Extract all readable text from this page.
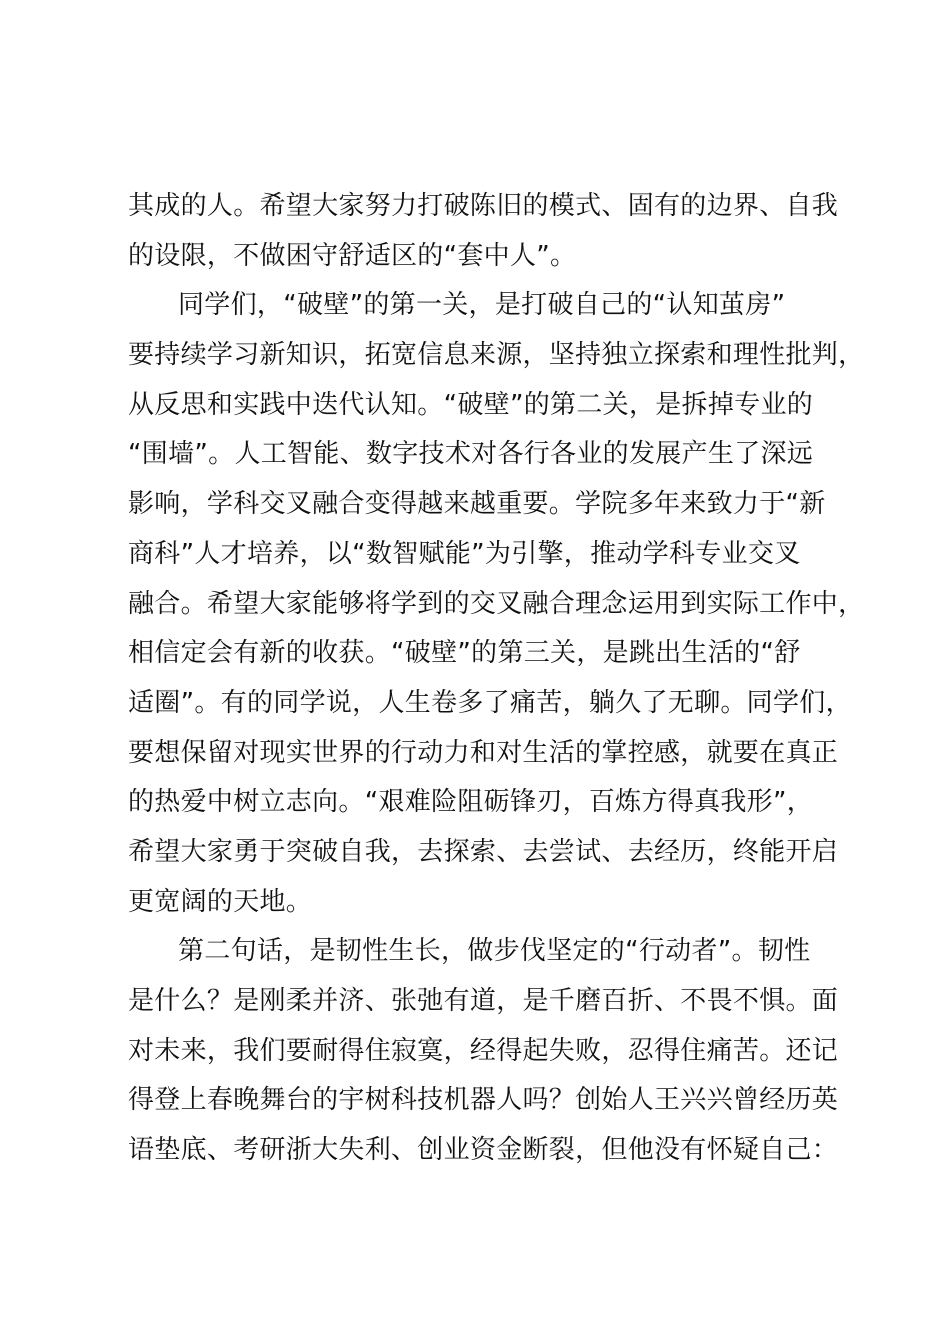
其成的人。希望大家努力打破陈旧的模式、固有的边界、自我
的设限，不做困守舒适区的“套中人”。
同学们，“破壁”的第一关，是打破自己的“认知茧房”
要持续学习新知识，拓宽信息来源，坚持独立探索和理性批判，
从反思和实践中迭代认知。“破壁”的第二关，是拆掉专业的
“围墙”。人工智能、数字技术对各行各业的发展产生了深远
影响，学科交叉融合变得越来越重要。学院多年来致力于“新
商科”人才培养，以“数智赋能”为引擎，推动学科专业交叉
融合。希望大家能够将学到的交叉融合理念运用到实际工作中，
相信定会有新的收获。“破壁”的第三关，是跳出生活的“舒
适圈”。有的同学说，人生卷多了痛苦，躺久了无聊。同学们，
要想保留对现实世界的行动力和对生活的掌控感，就要在真正
的热爱中树立志向。“艰难险阻砺锋刃，百炼方得真我形”，
希望大家勇于突破自我，去探索、去尝试、去经历，终能开启
更宽阔的天地。
第二句话，是韧性生长，做步伐坚定的“行动者”。韧性
是什么？是刚柔并济、张弛有道，是千磨百折、不畏不惧。面
对未来，我们要耐得住寂寞，经得起失败，忍得住痛苦。还记
得登上春晚舞台的宇树科技机器人吗？创始人王兴兴曾经历英
语垫底、考研浙大失利、创业资金断裂，但他没有怀疑自己：
